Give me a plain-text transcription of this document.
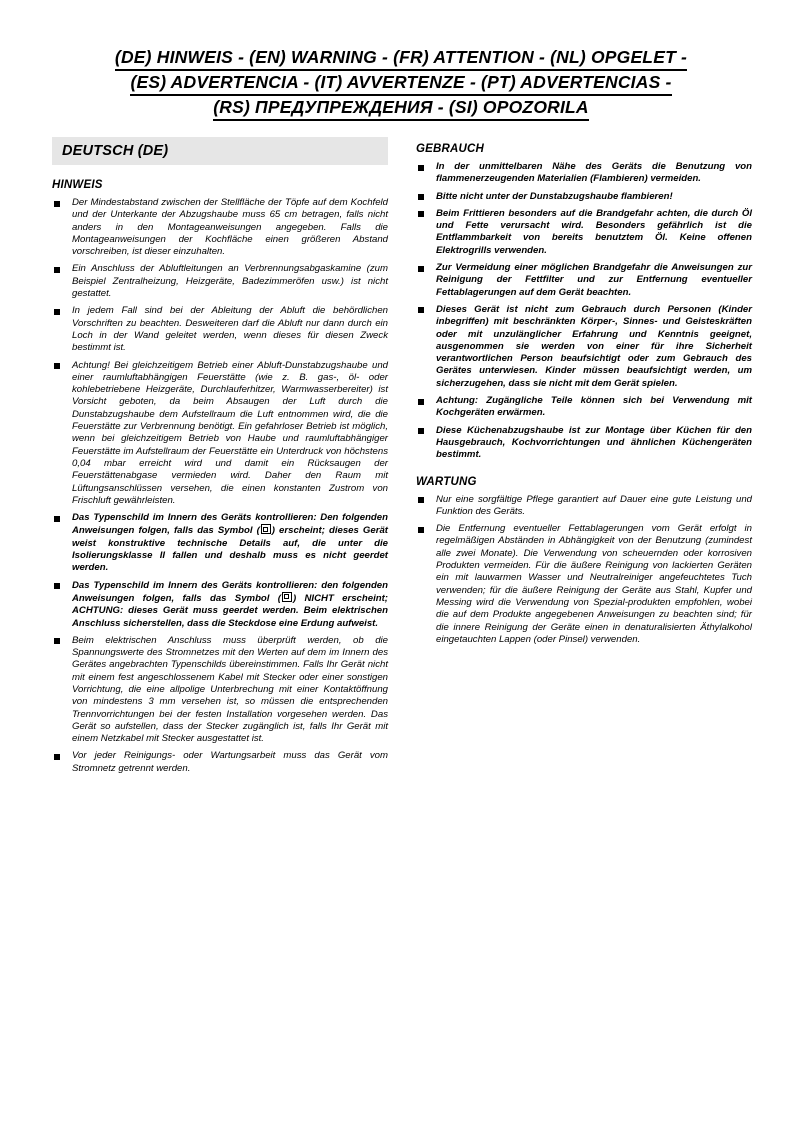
(DE) HINWEIS - (EN) WARNING - (FR) ATTENTION - (NL) OPGELET -
(ES) ADVERTENCIA - (IT) AVVERTENZE - (PT) ADVERTENCIAS -
(RS) ПРЕДУПРЕЖДЕНИЯ - (SI) OPOZORILA
DEUTSCH (DE)
HINWEIS
Der Mindestabstand zwischen der Stellfläche der Töpfe auf dem Kochfeld und der Unterkante der Abzugshaube muss 65 cm betragen, falls nicht anders in den Montageanweisungen angegeben. Falls die Montageanweisungen der Kochfläche einen größeren Abstand vorschreiben, ist dieser einzuhalten.
Ein Anschluss der Abluftleitungen an Verbrennungsabgaskamine (zum Beispiel Zentralheizung, Heizgeräte, Badezimmeröfen usw.) ist nicht gestattet.
In jedem Fall sind bei der Ableitung der Abluft die behördlichen Vorschriften zu beachten. Desweiteren darf die Abluft nur dann durch ein Loch in der Wand geleitet werden, wenn dieses für diesen Zweck bestimmt ist.
Achtung! Bei gleichzeitigem Betrieb einer Abluft-Dunstabzugshaube und einer raumluftabhängigen Feuerstätte (wie z. B. gas-, öl- oder kohlebetriebene Heizgeräte, Durchlauferhitzer, Warmwasserbereiter) ist Vorsicht geboten, da beim Absaugen der Luft durch die Dunstabzugshaube dem Aufstellraum die Luft entnommen wird, die die Feuerstätte zur Verbrennung benötigt. Ein gefahrloser Betrieb ist möglich, wenn bei gleichzeitigem Betrieb von Haube und raumluftabhängiger Feuerstätte im Aufstellraum der Feuerstätte ein Unterdruck von höchstens 0,04 mbar erreicht wird und damit ein Rücksaugen der Feuerstättenabgase vermieden wird. Daher den Raum mit Lüftungsanschlüssen versehen, die einen konstanten Zustrom von Frischluft gewährleisten.
Das Typenschild im Innern des Geräts kontrollieren: Den folgenden Anweisungen folgen, falls das Symbol ( ) erscheint; dieses Gerät weist konstruktive technische Details auf, die unter die Isolierungsklasse II fallen und deshalb muss es nicht geerdet werden.
Das Typenschild im Innern des Geräts kontrollieren: den folgenden Anweisungen folgen, falls das Symbol ( ) NICHT erscheint; ACHTUNG: dieses Gerät muss geerdet werden. Beim elektrischen Anschluss sicherstellen, dass die Steckdose eine Erdung aufweist.
Beim elektrischen Anschluss muss überprüft werden, ob die Spannungswerte des Stromnetzes mit den Werten auf dem im Innern des Gerätes angebrachten Typenschilds übereinstimmen. Falls Ihr Gerät nicht mit einem fest angeschlossenem Kabel mit Stecker oder einer sonstigen Vorrichtung, die eine allpolige Unterbrechung mit einer Kontaktöffnung von mindestens 3 mm versehen ist, so müssen die entsprechenden Trennvorrichtungen bei der festen Installation vorgesehen werden. Das Gerät so aufstellen, dass der Stecker zugänglich ist, falls Ihr Gerät mit einem Netzkabel mit Stecker ausgestattet ist.
Vor jeder Reinigungs- oder Wartungsarbeit muss das Gerät vom Stromnetz getrennt werden.
GEBRAUCH
In der unmittelbaren Nähe des Geräts die Benutzung von flammenerzeugenden Materialien (Flambieren) vermeiden.
Bitte nicht unter der Dunstabzugshaube flambieren!
Beim Frittieren besonders auf die Brandgefahr achten, die durch Öl und Fette verursacht wird. Besonders gefährlich ist die Entflammbarkeit von bereits benutztem Öl. Keine offenen Elektrogrills verwenden.
Zur Vermeidung einer möglichen Brandgefahr die Anweisungen zur Reinigung der Fettfilter und zur Entfernung eventueller Fettablagerungen auf dem Gerät beachten.
Dieses Gerät ist nicht zum Gebrauch durch Personen (Kinder inbegriffen) mit beschränkten Körper-, Sinnes- und Geisteskräften oder mit unzulänglicher Erfahrung und Kenntnis geeignet, ausgenommen sie werden von einer für ihre Sicherheit verantwortlichen Person beaufsichtigt oder zum Gebrauch des Gerätes unterwiesen. Kinder müssen beaufsichtigt werden, um sicherzugehen, dass sie nicht mit dem Gerät spielen.
Achtung: Zugängliche Teile können sich bei Verwendung mit Kochgeräten erwärmen.
Diese Küchenabzugshaube ist zur Montage über Küchen für den Hausgebrauch, Kochvorrichtungen und ähnlichen Küchengeräten bestimmt.
WARTUNG
Nur eine sorgfältige Pflege garantiert auf Dauer eine gute Leistung und Funktion des Geräts.
Die Entfernung eventueller Fettablagerungen vom Gerät erfolgt in regelmäßigen Abständen in Abhängigkeit von der Benutzung (zumindest alle zwei Monate). Die Verwendung von scheuernden oder korrosiven Produkten vermeiden. Für die äußere Reinigung von lackierten Geräten ein mit lauwarmen Wasser und Neutralreiniger angefeuchtetes Tuch verwenden; für die äußere Reinigung der Geräte aus Stahl, Kupfer und Messing wird die Verwendung von Spezial-produkten empfohlen, wobei die auf dem Produkte angegebenen Anweisungen zu beachten sind; für die innere Reinigung der Geräte einen in denaturalisierten Äthylalkohol eingetauchten Lappen (oder Pinsel) verwenden.
